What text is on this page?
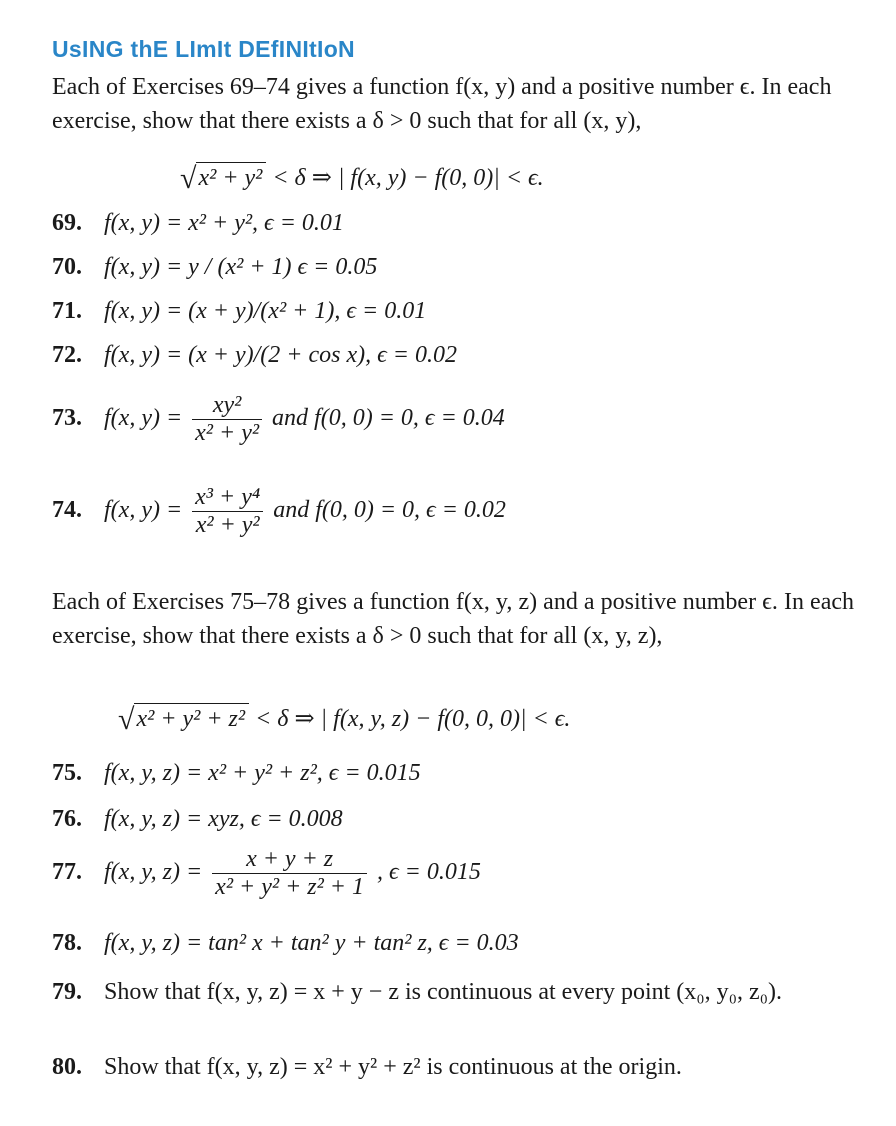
UsING thE LImIt DEfINItIoN
Each of Exercises 69–74 gives a function f(x, y) and a positive number ϵ. In each exercise, show that there exists a δ > 0 such that for all (x, y),
√x² + y² < δ ⇒ | f(x, y) − f(0, 0)| < ϵ.
69. f(x, y) = x² + y², ϵ = 0.01
70. f(x, y) = y / (x² + 1) ϵ = 0.05
71. f(x, y) = (x + y)/(x² + 1), ϵ = 0.01
72. f(x, y) = (x + y)/(2 + cos x), ϵ = 0.02
73. f(x, $y) = \frac{\text{xy²}}{\text{x² + y²}}$ and f(0, 0) = 0, ϵ = 0.04
74. f(x, $y) = \frac{\text{x³ + y⁴}}{\text{x² + y²}}$ and f(0, 0) = 0, ϵ = 0.02
Each of Exercises 75–78 gives a function f(x, y, z) and a positive number ϵ. In each exercise, show that there exists a δ > 0 such that for all (x, y, z),
√x² + y² + z² < δ ⇒ | f(x, y, z) − f(0, 0, 0)| < ϵ.
75. f(x, y, z) = x² + y² + z², ϵ = 0.015
76. f(x, y, z) = xyz, ϵ = 0.008
77. f(x, y, $z) = \frac{x + y + z}{\text{x² + y² + z² + 1}}$ , ϵ = 0.015
78. f(x, y, z) = tan² x + tan² y + tan² z, ϵ = 0.03
79. Show that f(x, y, z) = x + y − z is continuous at every point (x₀, y₀, z₀).
80. Show that f(x, y, z) = x² + y² + z² is continuous at the origin.
